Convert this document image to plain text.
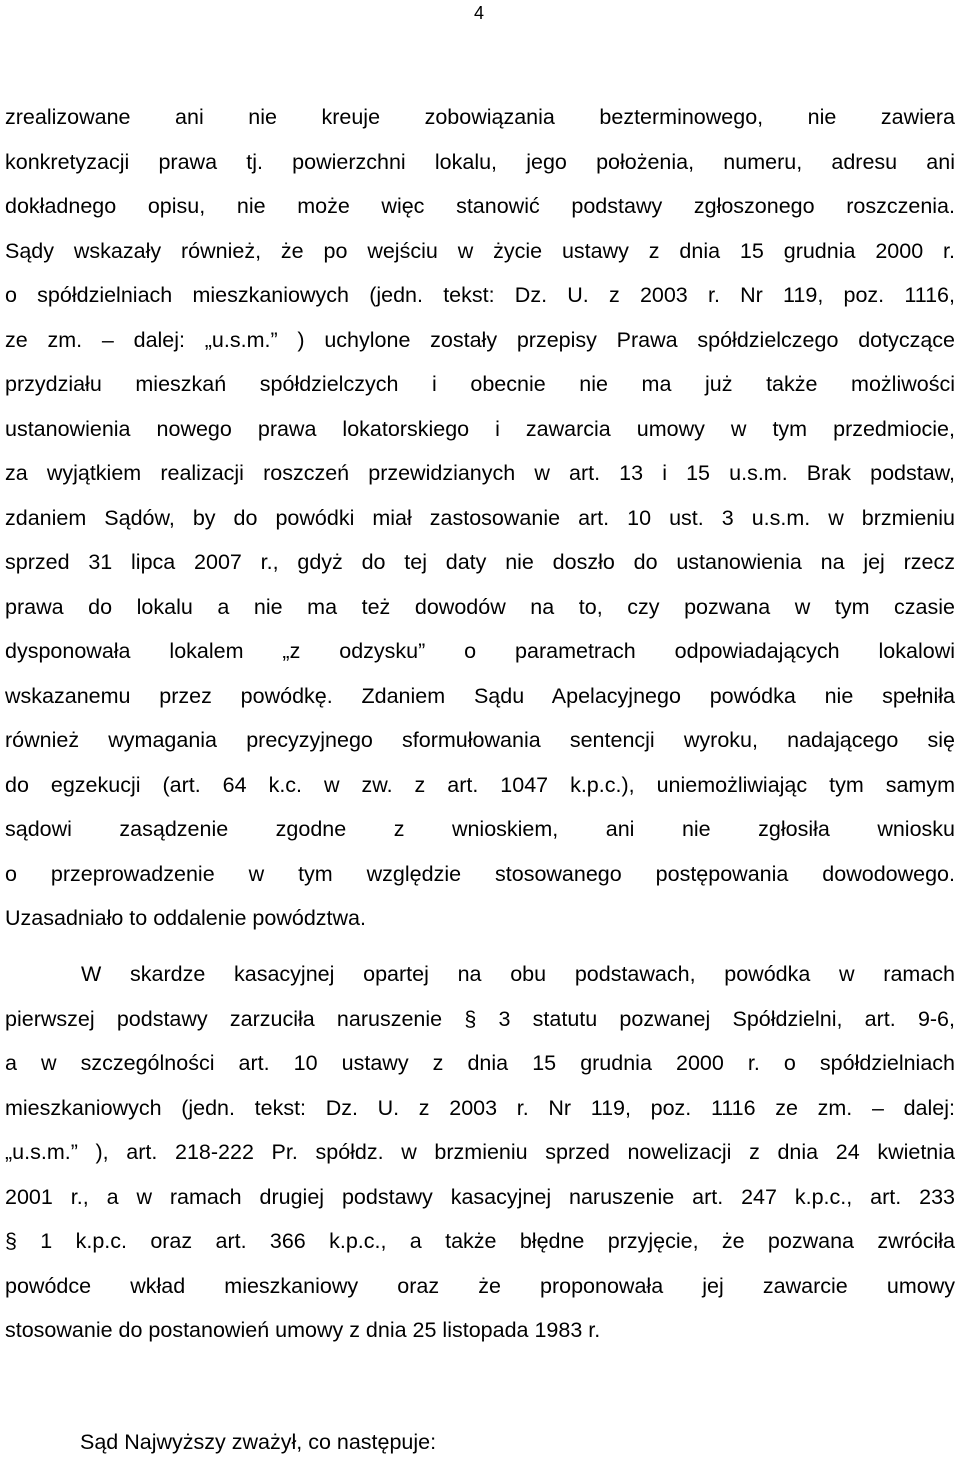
4
zrealizowane ani nie kreuje zobowiązania bezterminowego, nie zawiera
konkretyzacji prawa tj. powierzchni lokalu, jego położenia, numeru, adresu ani
dokładnego opisu, nie może więc stanowić podstawy zgłoszonego roszczenia.
Sądy wskazały również, że po wejściu w życie ustawy z dnia 15 grudnia 2000 r.
o spółdzielniach mieszkaniowych (jedn. tekst: Dz. U. z 2003 r. Nr 119, poz. 1116,
ze zm. – dalej: „u.s.m.” ) uchylone zostały przepisy Prawa spółdzielczego dotyczące
przydziału mieszkań spółdzielczych i obecnie nie ma już także możliwości
ustanowienia nowego prawa lokatorskiego i zawarcia umowy w tym przedmiocie,
za wyjątkiem realizacji roszczeń przewidzianych w art. 13 i 15 u.s.m. Brak podstaw,
zdaniem Sądów, by do powódki miał zastosowanie art. 10 ust. 3 u.s.m. w brzmieniu
sprzed 31 lipca 2007 r., gdyż do tej daty nie doszło do ustanowienia na jej rzecz
prawa do lokalu a nie ma też dowodów na to, czy pozwana w tym czasie
dysponowała lokalem „z odzysku” o parametrach odpowiadających lokalowi
wskazanemu przez powódkę. Zdaniem Sądu Apelacyjnego powódka nie spełniła
również wymagania precyzyjnego sformułowania sentencji wyroku, nadającego się
do egzekucji (art. 64 k.c. w zw. z art. 1047 k.p.c.), uniemożliwiając tym samym
sądowi zasądzenie zgodne z wnioskiem, ani nie zgłosiła wniosku
o przeprowadzenie w tym względzie stosowanego postępowania dowodowego.
Uzasadniało to oddalenie powództwa.
W skardze kasacyjnej opartej na obu podstawach, powódka w ramach
pierwszej podstawy zarzuciła naruszenie § 3 statutu pozwanej Spółdzielni, art. 9-6,
a w szczególności art. 10 ustawy z dnia 15 grudnia 2000 r. o spółdzielniach
mieszkaniowych (jedn. tekst: Dz. U. z 2003 r. Nr 119, poz. 1116 ze zm. – dalej:
„u.s.m.” ), art. 218-222 Pr. spółdz. w brzmieniu sprzed nowelizacji z dnia 24 kwietnia
2001 r., a w ramach drugiej podstawy kasacyjnej naruszenie art. 247 k.p.c., art. 233
§ 1 k.p.c. oraz art. 366 k.p.c., a także błędne przyjęcie, że pozwana zwróciła
powódce wkład mieszkaniowy oraz że proponowała jej zawarcie umowy
stosowanie do postanowień umowy z dnia 25 listopada 1983 r.
Sąd Najwyższy zważył, co następuje:
